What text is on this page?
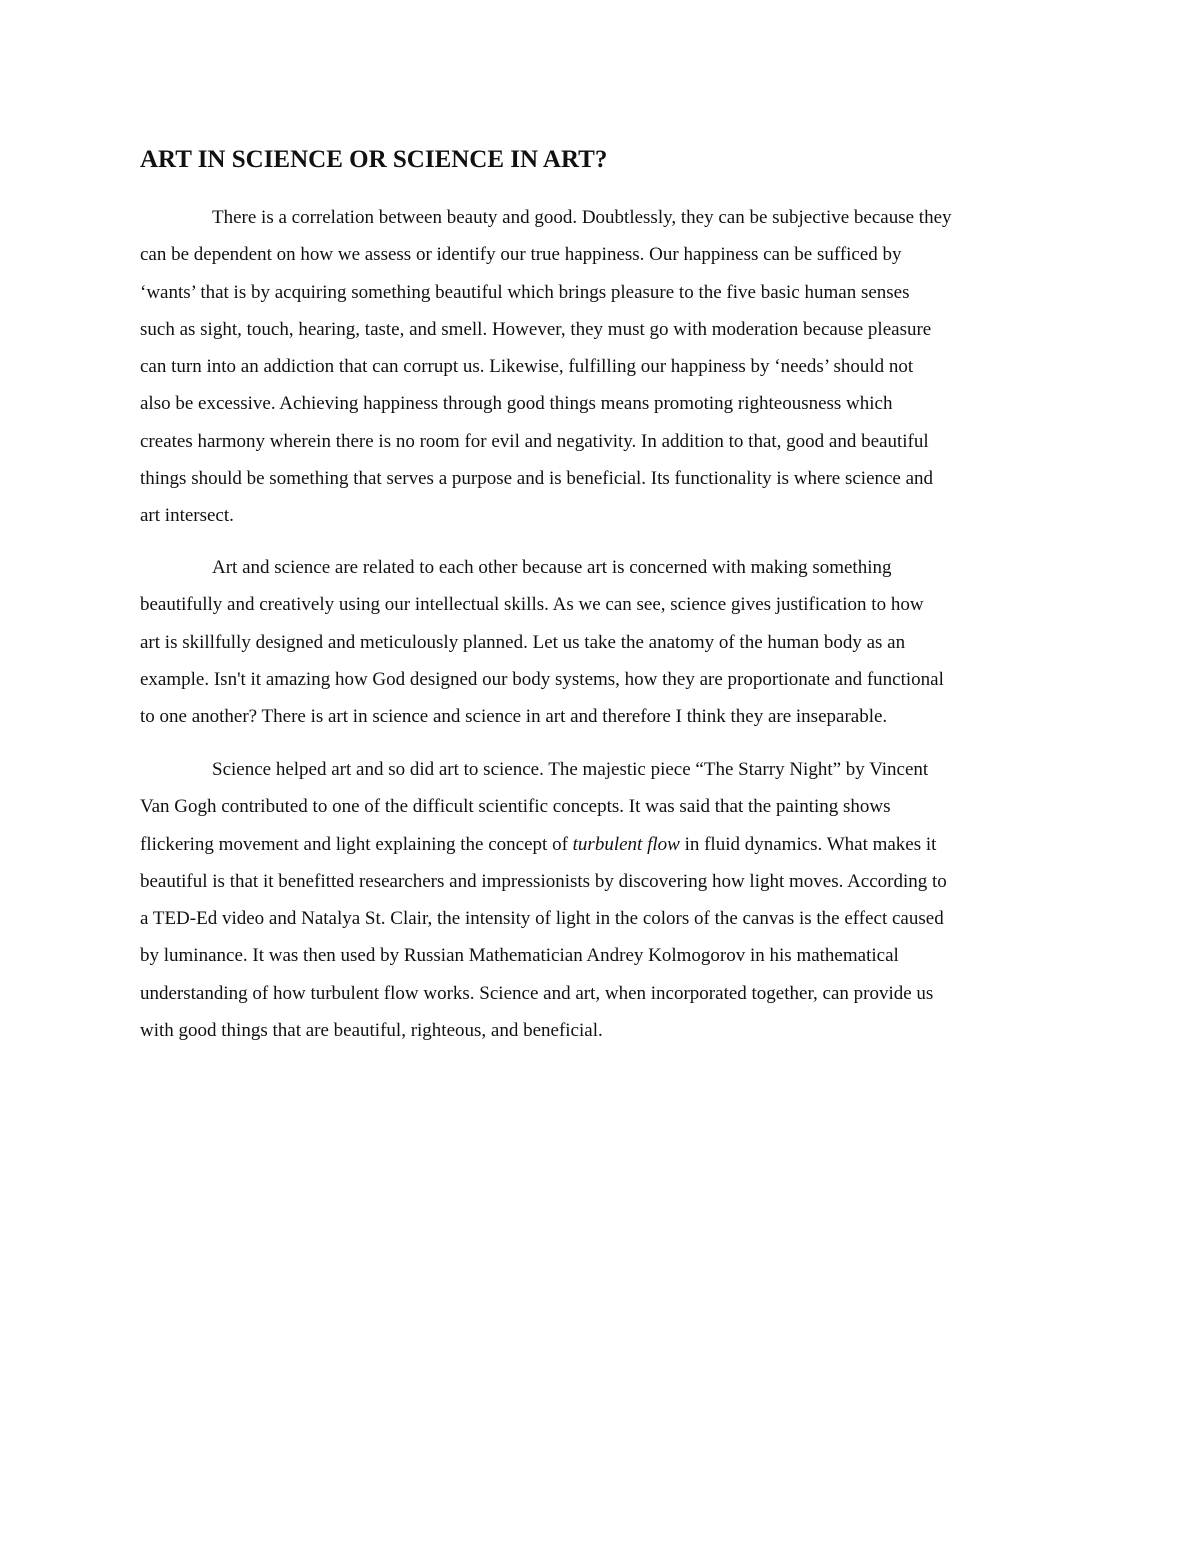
ART IN SCIENCE OR SCIENCE IN ART?
There is a correlation between beauty and good. Doubtlessly, they can be subjective because they
can be dependent on how we assess or identify our true happiness. Our happiness can be sufficed by
‘wants’ that is by acquiring something beautiful which brings pleasure to the five basic human senses
such as sight, touch, hearing, taste, and smell. However, they must go with moderation because pleasure
can turn into an addiction that can corrupt us. Likewise, fulfilling our happiness by ‘needs’ should not
also be excessive. Achieving happiness through good things means promoting righteousness which
creates harmony wherein there is no room for evil and negativity. In addition to that, good and beautiful
things should be something that serves a purpose and is beneficial. Its functionality is where science and
art intersect.
Art and science are related to each other because art is concerned with making something
beautifully and creatively using our intellectual skills. As we can see, science gives justification to how
art is skillfully designed and meticulously planned. Let us take the anatomy of the human body as an
example. Isn't it amazing how God designed our body systems, how they are proportionate and functional
to one another? There is art in science and science in art and therefore I think they are inseparable.
Science helped art and so did art to science. The majestic piece “The Starry Night” by Vincent
Van Gogh contributed to one of the difficult scientific concepts. It was said that the painting shows
flickering movement and light explaining the concept of turbulent flow in fluid dynamics. What makes it
beautiful is that it benefitted researchers and impressionists by discovering how light moves. According to
a TED-Ed video and Natalya St. Clair, the intensity of light in the colors of the canvas is the effect caused
by luminance. It was then used by Russian Mathematician Andrey Kolmogorov in his mathematical
understanding of how turbulent flow works. Science and art, when incorporated together, can provide us
with good things that are beautiful, righteous, and beneficial.
